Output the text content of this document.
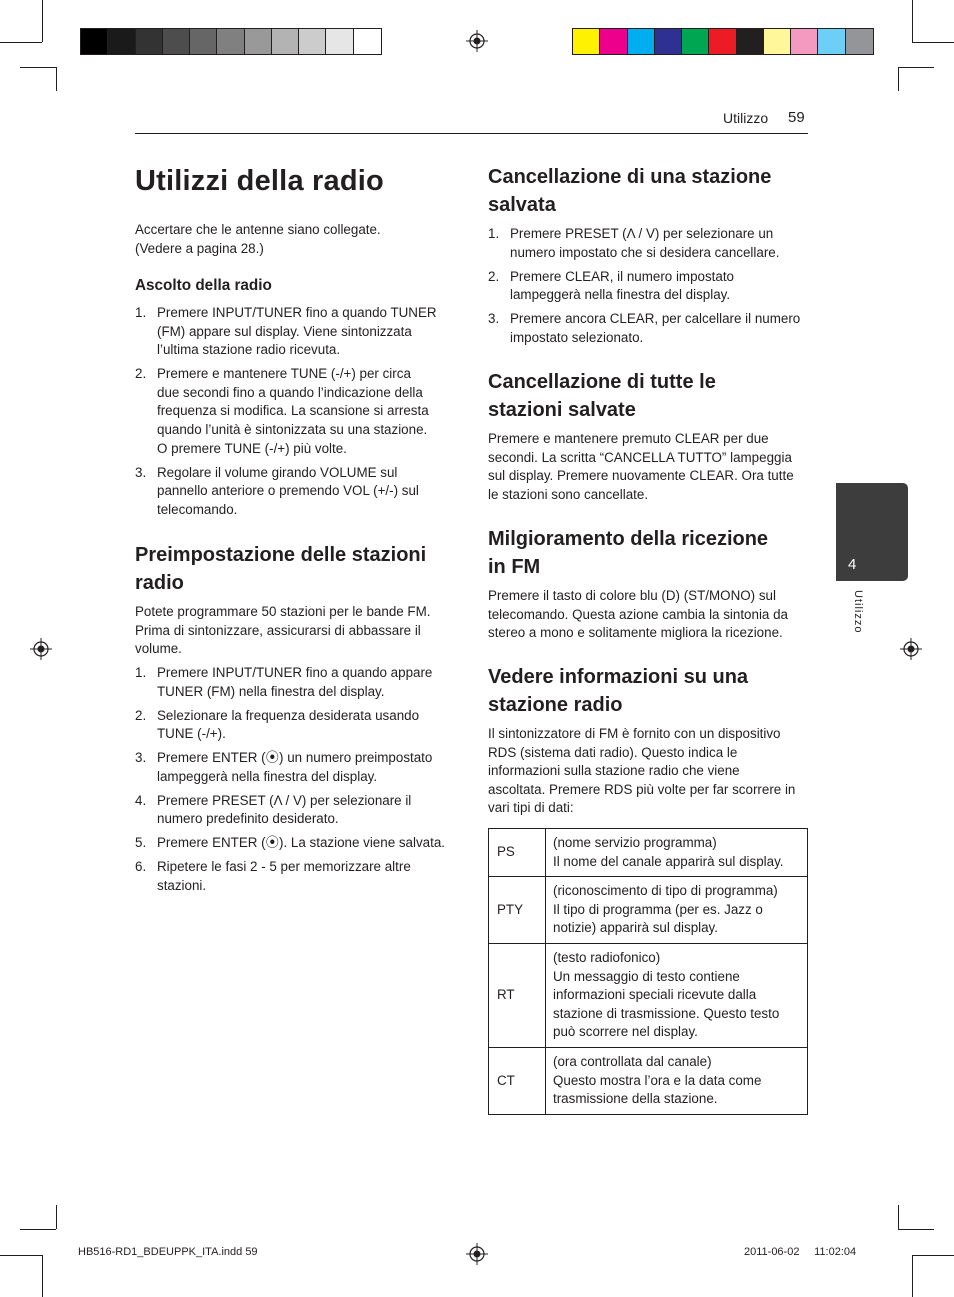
Utilizzo 59
4
Utilizzo
Utilizzi della radio
Accertare che le antenne siano collegate.
(Vedere a pagina 28.)
Ascolto della radio
1. Premere INPUT/TUNER fino a quando TUNER
(FM) appare sul display. Viene sintonizzata
l’ultima stazione radio ricevuta.
2. Premere e mantenere TUNE (-/+) per circa
due secondi fino a quando l’indicazione della
frequenza si modifica. La scansione si arresta
quando l’unità è sintonizzata su una stazione.
O premere TUNE (-/+) più volte.
3. Regolare il volume girando VOLUME sul
pannello anteriore o premendo VOL (+/-) sul
telecomando.
Preimpostazione delle stazioni
radio
Potete programmare 50 stazioni per le bande FM.
Prima di sintonizzare, assicurarsi di abbassare il
volume.
1. Premere INPUT/TUNER fino a quando appare
TUNER (FM) nella finestra del display.
2. Selezionare la frequenza desiderata usando
TUNE (-/+).
3. Premere ENTER (⦿) un numero preimpostato
lampeggerà nella finestra del display.
4. Premere PRESET (Λ / V) per selezionare il
numero predefinito desiderato.
5. Premere ENTER (⦿). La stazione viene salvata.
6. Ripetere le fasi 2 - 5 per memorizzare altre
stazioni.
Cancellazione di una stazione
salvata
1. Premere PRESET (Λ / V) per selezionare un
numero impostato che si desidera cancellare.
2. Premere CLEAR, il numero impostato
lampeggerà nella finestra del display.
3. Premere ancora CLEAR, per calcellare il numero
impostato selezionato.
Cancellazione di tutte le
stazioni salvate
Premere e mantenere premuto CLEAR per due
secondi. La scritta “CANCELLA TUTTO” lampeggia
sul display. Premere nuovamente CLEAR. Ora tutte
le stazioni sono cancellate.
Milgioramento della ricezione
in FM
Premere il tasto di colore blu (D) (ST/MONO) sul
telecomando. Questa azione cambia la sintonia da
stereo a mono e solitamente migliora la ricezione.
Vedere informazioni su una
stazione radio
Il sintonizzatore di FM è fornito con un dispositivo
RDS (sistema dati radio). Questo indica le
informazioni sulla stazione radio che viene
ascoltata. Premere RDS più volte per far scorrere in
vari tipi di dati:
PS	(nome servizio programma)
Il nome del canale apparirà sul display.

PTY	(riconoscimento di tipo di programma)
Il tipo di programma (per es. Jazz o
notizie) apparirà sul display.

RT	(testo radiofonico)
Un messaggio di testo contiene
informazioni speciali ricevute dalla
stazione di trasmissione. Questo testo
può scorrere nel display.

CT	(ora controllata dal canale)
Questo mostra l’ora e la data come
trasmissione della stazione.
HB516-RD1_BDEUPPK_ITA.indd 59	2011-06-02 11:02:04
